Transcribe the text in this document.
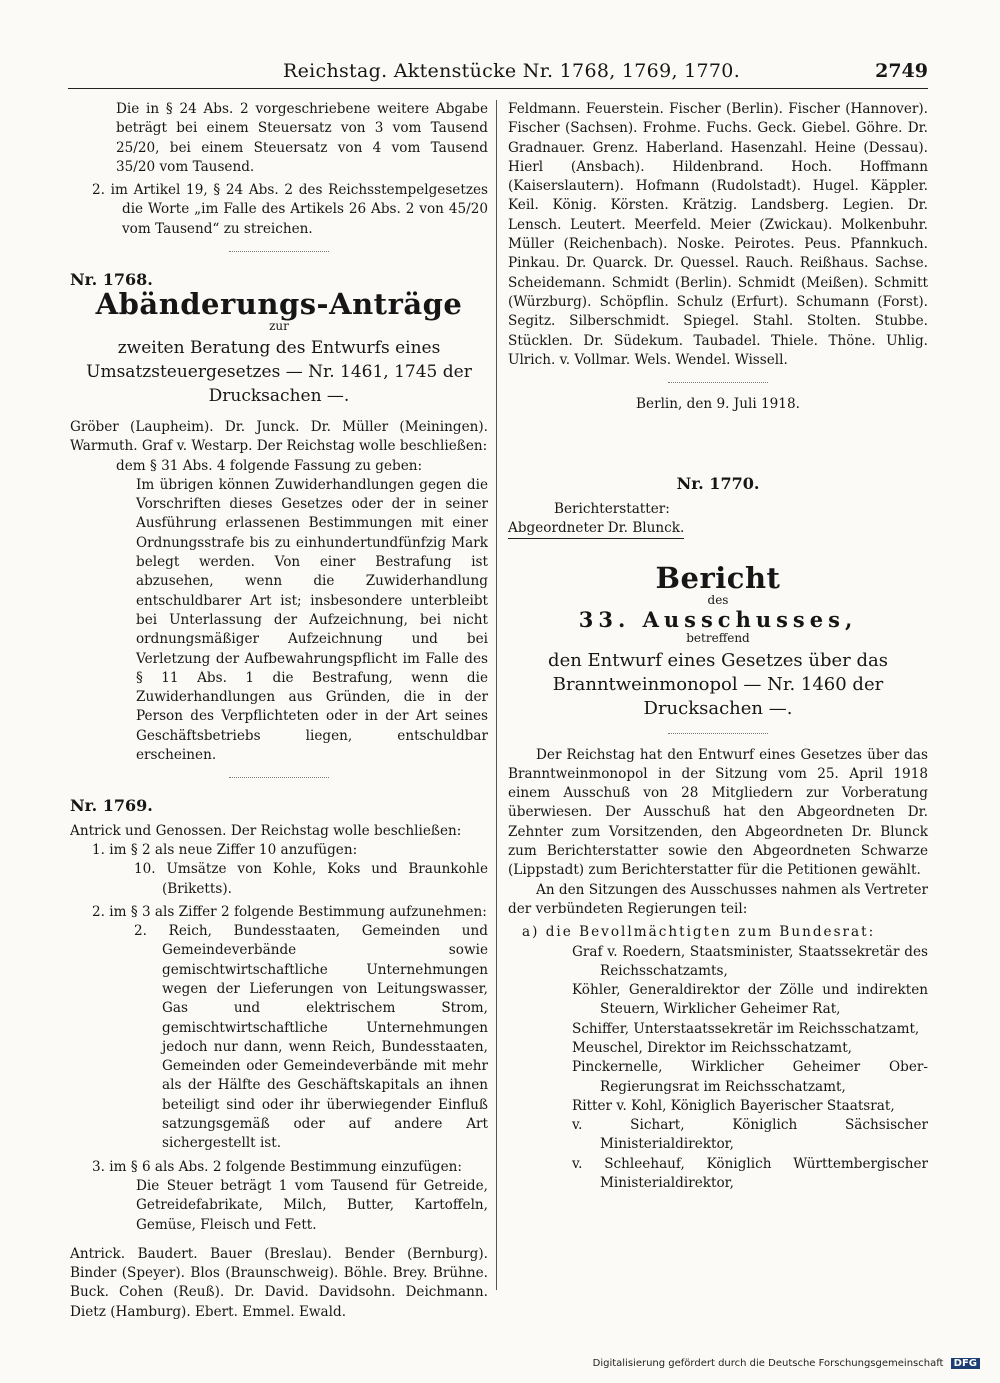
Reichstag. Aktenstücke Nr. 1768, 1769, 1770.	2749

Die in § 24 Abs. 2 vorgeschriebene weitere Abgabe beträgt bei einem Steuersatz von 3 vom Tausend 25/20, bei einem Steuersatz von 4 vom Tausend 35/20 vom Tausend.

2. im Artikel 19, § 24 Abs. 2 des Reichsstempelgesetzes die Worte „im Falle des Artikels 26 Abs. 2 von 45/20 vom Tausend“ zu streichen.

Nr. 1768.
Abänderungs-Anträge
zur
zweiten Beratung des Entwurfs eines Umsatzsteuergesetzes — Nr. 1461, 1745 der Drucksachen —.

Gröber (Laupheim). Dr. Junck. Dr. Müller (Meiningen). Warmuth. Graf v. Westarp. Der Reichstag wolle beschließen:

dem § 31 Abs. 4 folgende Fassung zu geben:

Im übrigen können Zuwiderhandlungen gegen die Vorschriften dieses Gesetzes oder der in seiner Ausführung erlassenen Bestimmungen mit einer Ordnungsstrafe bis zu einhundertundfünfzig Mark belegt werden. Von einer Bestrafung ist abzusehen, wenn die Zuwiderhandlung entschuldbarer Art ist; insbesondere unterbleibt bei Unterlassung der Aufzeichnung, bei nicht ordnungsmäßiger Aufzeichnung und bei Verletzung der Aufbewahrungspflicht im Falle des § 11 Abs. 1 die Bestrafung, wenn die Zuwiderhandlungen aus Gründen, die in der Person des Verpflichteten oder in der Art seines Geschäftsbetriebs liegen, entschuldbar erscheinen.

Nr. 1769.

Antrick und Genossen. Der Reichstag wolle beschließen:

1. im § 2 als neue Ziffer 10 anzufügen:

10. Umsätze von Kohle, Koks und Braunkohle (Briketts).

2. im § 3 als Ziffer 2 folgende Bestimmung aufzunehmen:

2. Reich, Bundesstaaten, Gemeinden und Gemeindeverbände sowie gemischtwirtschaftliche Unternehmungen wegen der Lieferungen von Leitungswasser, Gas und elektrischem Strom, gemischtwirtschaftliche Unternehmungen jedoch nur dann, wenn Reich, Bundesstaaten, Gemeinden oder Gemeindeverbände mit mehr als der Hälfte des Geschäftskapitals an ihnen beteiligt sind oder ihr überwiegender Einfluß satzungsgemäß oder auf andere Art sichergestellt ist.

3. im § 6 als Abs. 2 folgende Bestimmung einzufügen:

Die Steuer beträgt 1 vom Tausend für Getreide, Getreidefabrikate, Milch, Butter, Kartoffeln, Gemüse, Fleisch und Fett.

Antrick. Baudert. Bauer (Breslau). Bender (Bernburg). Binder (Speyer). Blos (Braunschweig). Böhle. Brey. Brühne. Buck. Cohen (Reuß). Dr. David. Davidsohn. Deichmann. Dietz (Hamburg). Ebert. Emmel. Ewald.

Feldmann. Feuerstein. Fischer (Berlin). Fischer (Hannover). Fischer (Sachsen). Frohme. Fuchs. Geck. Giebel. Göhre. Dr. Gradnauer. Grenz. Haberland. Hasenzahl. Heine (Dessau). Hierl (Ansbach). Hildenbrand. Hoch. Hoffmann (Kaiserslautern). Hofmann (Rudolstadt). Hugel. Käppler. Keil. König. Körsten. Krätzig. Landsberg. Legien. Dr. Lensch. Leutert. Meerfeld. Meier (Zwickau). Molkenbuhr. Müller (Reichenbach). Noske. Peirotes. Peus. Pfannkuch. Pinkau. Dr. Quarck. Dr. Quessel. Rauch. Reißhaus. Sachse. Scheidemann. Schmidt (Berlin). Schmidt (Meißen). Schmitt (Würzburg). Schöpflin. Schulz (Erfurt). Schumann (Forst). Segitz. Silberschmidt. Spiegel. Stahl. Stolten. Stubbe. Stücklen. Dr. Südekum. Taubadel. Thiele. Thöne. Uhlig. Ulrich. v. Vollmar. Wels. Wendel. Wissell.

Berlin, den 9. Juli 1918.

Nr. 1770.

Berichterstatter:

Abgeordneter Dr. Blunck.

Bericht
des
33. Ausschusses,
betreffend
den Entwurf eines Gesetzes über das Branntweinmonopol — Nr. 1460 der Drucksachen —.

Der Reichstag hat den Entwurf eines Gesetzes über das Branntweinmonopol in der Sitzung vom 25. April 1918 einem Ausschuß von 28 Mitgliedern zur Vorberatung überwiesen. Der Ausschuß hat den Abgeordneten Dr. Zehnter zum Vorsitzenden, den Abgeordneten Dr. Blunck zum Berichterstatter sowie den Abgeordneten Schwarze (Lippstadt) zum Berichterstatter für die Petitionen gewählt.

An den Sitzungen des Ausschusses nahmen als Vertreter der verbündeten Regierungen teil:

a) die Bevollmächtigten zum Bundesrat:

Graf v. Roedern, Staatsminister, Staatssekretär des Reichsschatzamts,

Köhler, Generaldirektor der Zölle und indirekten Steuern, Wirklicher Geheimer Rat,

Schiffer, Unterstaatssekretär im Reichsschatzamt,

Meuschel, Direktor im Reichsschatzamt,

Pinckernelle, Wirklicher Geheimer Ober-Regierungsrat im Reichsschatzamt,

Ritter v. Kohl, Königlich Bayerischer Staatsrat,

v. Sichart, Königlich Sächsischer Ministerialdirektor,

v. Schleehauf, Königlich Württembergischer Ministerialdirektor,

Digitalisierung gefördert durch die Deutsche Forschungsgemeinschaft DFG
